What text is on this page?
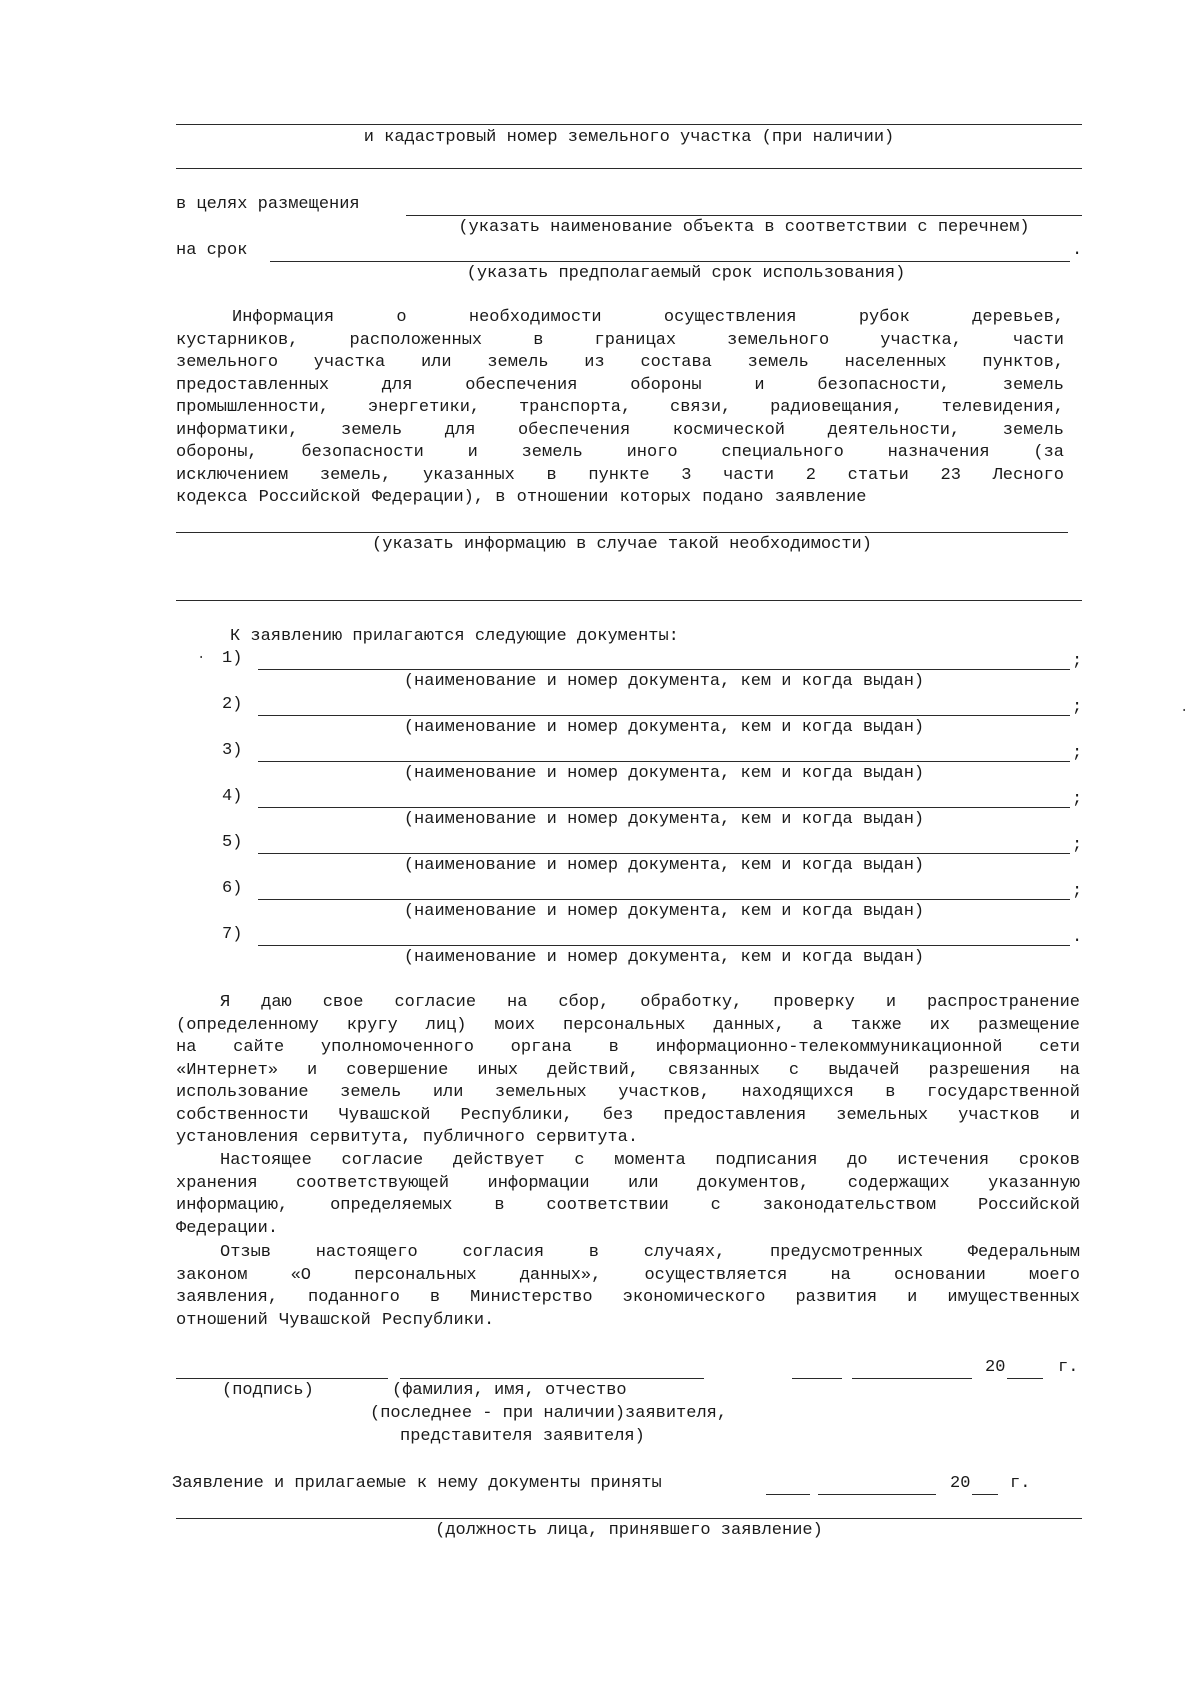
и кадастровый номер земельного участка (при наличии)
в целях размещения
(указать наименование объекта в соответствии с перечнем)
на срок	.
(указать предполагаемый срок использования)
Информация о необходимости осуществления рубок деревьев,
кустарников, расположенных в границах земельного участка, части
земельного участка или земель из состава земель населенных пунктов,
предоставленных для обеспечения обороны и безопасности, земель
промышленности, энергетики, транспорта, связи, радиовещания, телевидения,
информатики, земель для обеспечения космической деятельности, земель
обороны, безопасности и земель иного специального назначения (за
исключением земель, указанных в пункте 3 части 2 статьи 23 Лесного
кодекса Российской Федерации), в отношении которых подано заявление
(указать информацию в случае такой необходимости)
К заявлению прилагаются следующие документы:
· 1)	;
(наименование и номер документа, кем и когда выдан)
2)	;
(наименование и номер документа, кем и когда выдан)
3)	;
(наименование и номер документа, кем и когда выдан)
4)	;
(наименование и номер документа, кем и когда выдан)
5)	;
(наименование и номер документа, кем и когда выдан)
6)	;
(наименование и номер документа, кем и когда выдан)
7)	.
(наименование и номер документа, кем и когда выдан)
Я даю свое согласие на сбор, обработку, проверку и распространение
(определенному кругу лиц) моих персональных данных, а также их размещение
на сайте уполномоченного органа в информационно-телекоммуникационной сети
«Интернет» и совершение иных действий, связанных с выдачей разрешения на
использование земель или земельных участков, находящихся в государственной
собственности Чувашской Республики, без предоставления земельных участков и
установления сервитута, публичного сервитута.
Настоящее согласие действует с момента подписания до истечения сроков
хранения соответствующей информации или документов, содержащих указанную
информацию, определяемых в соответствии с законодательством Российской
Федерации.
Отзыв настоящего согласия в случаях, предусмотренных Федеральным
законом «О персональных данных», осуществляется на основании моего
заявления, поданного в Министерство экономического развития и имущественных
отношений Чувашской Республики.
20	г.
(подпись)	(фамилия, имя, отчество
(последнее - при наличии)заявителя,
представителя заявителя)
Заявление и прилагаемые к нему документы приняты	20 г.
(должность лица, принявшего заявление)
·
